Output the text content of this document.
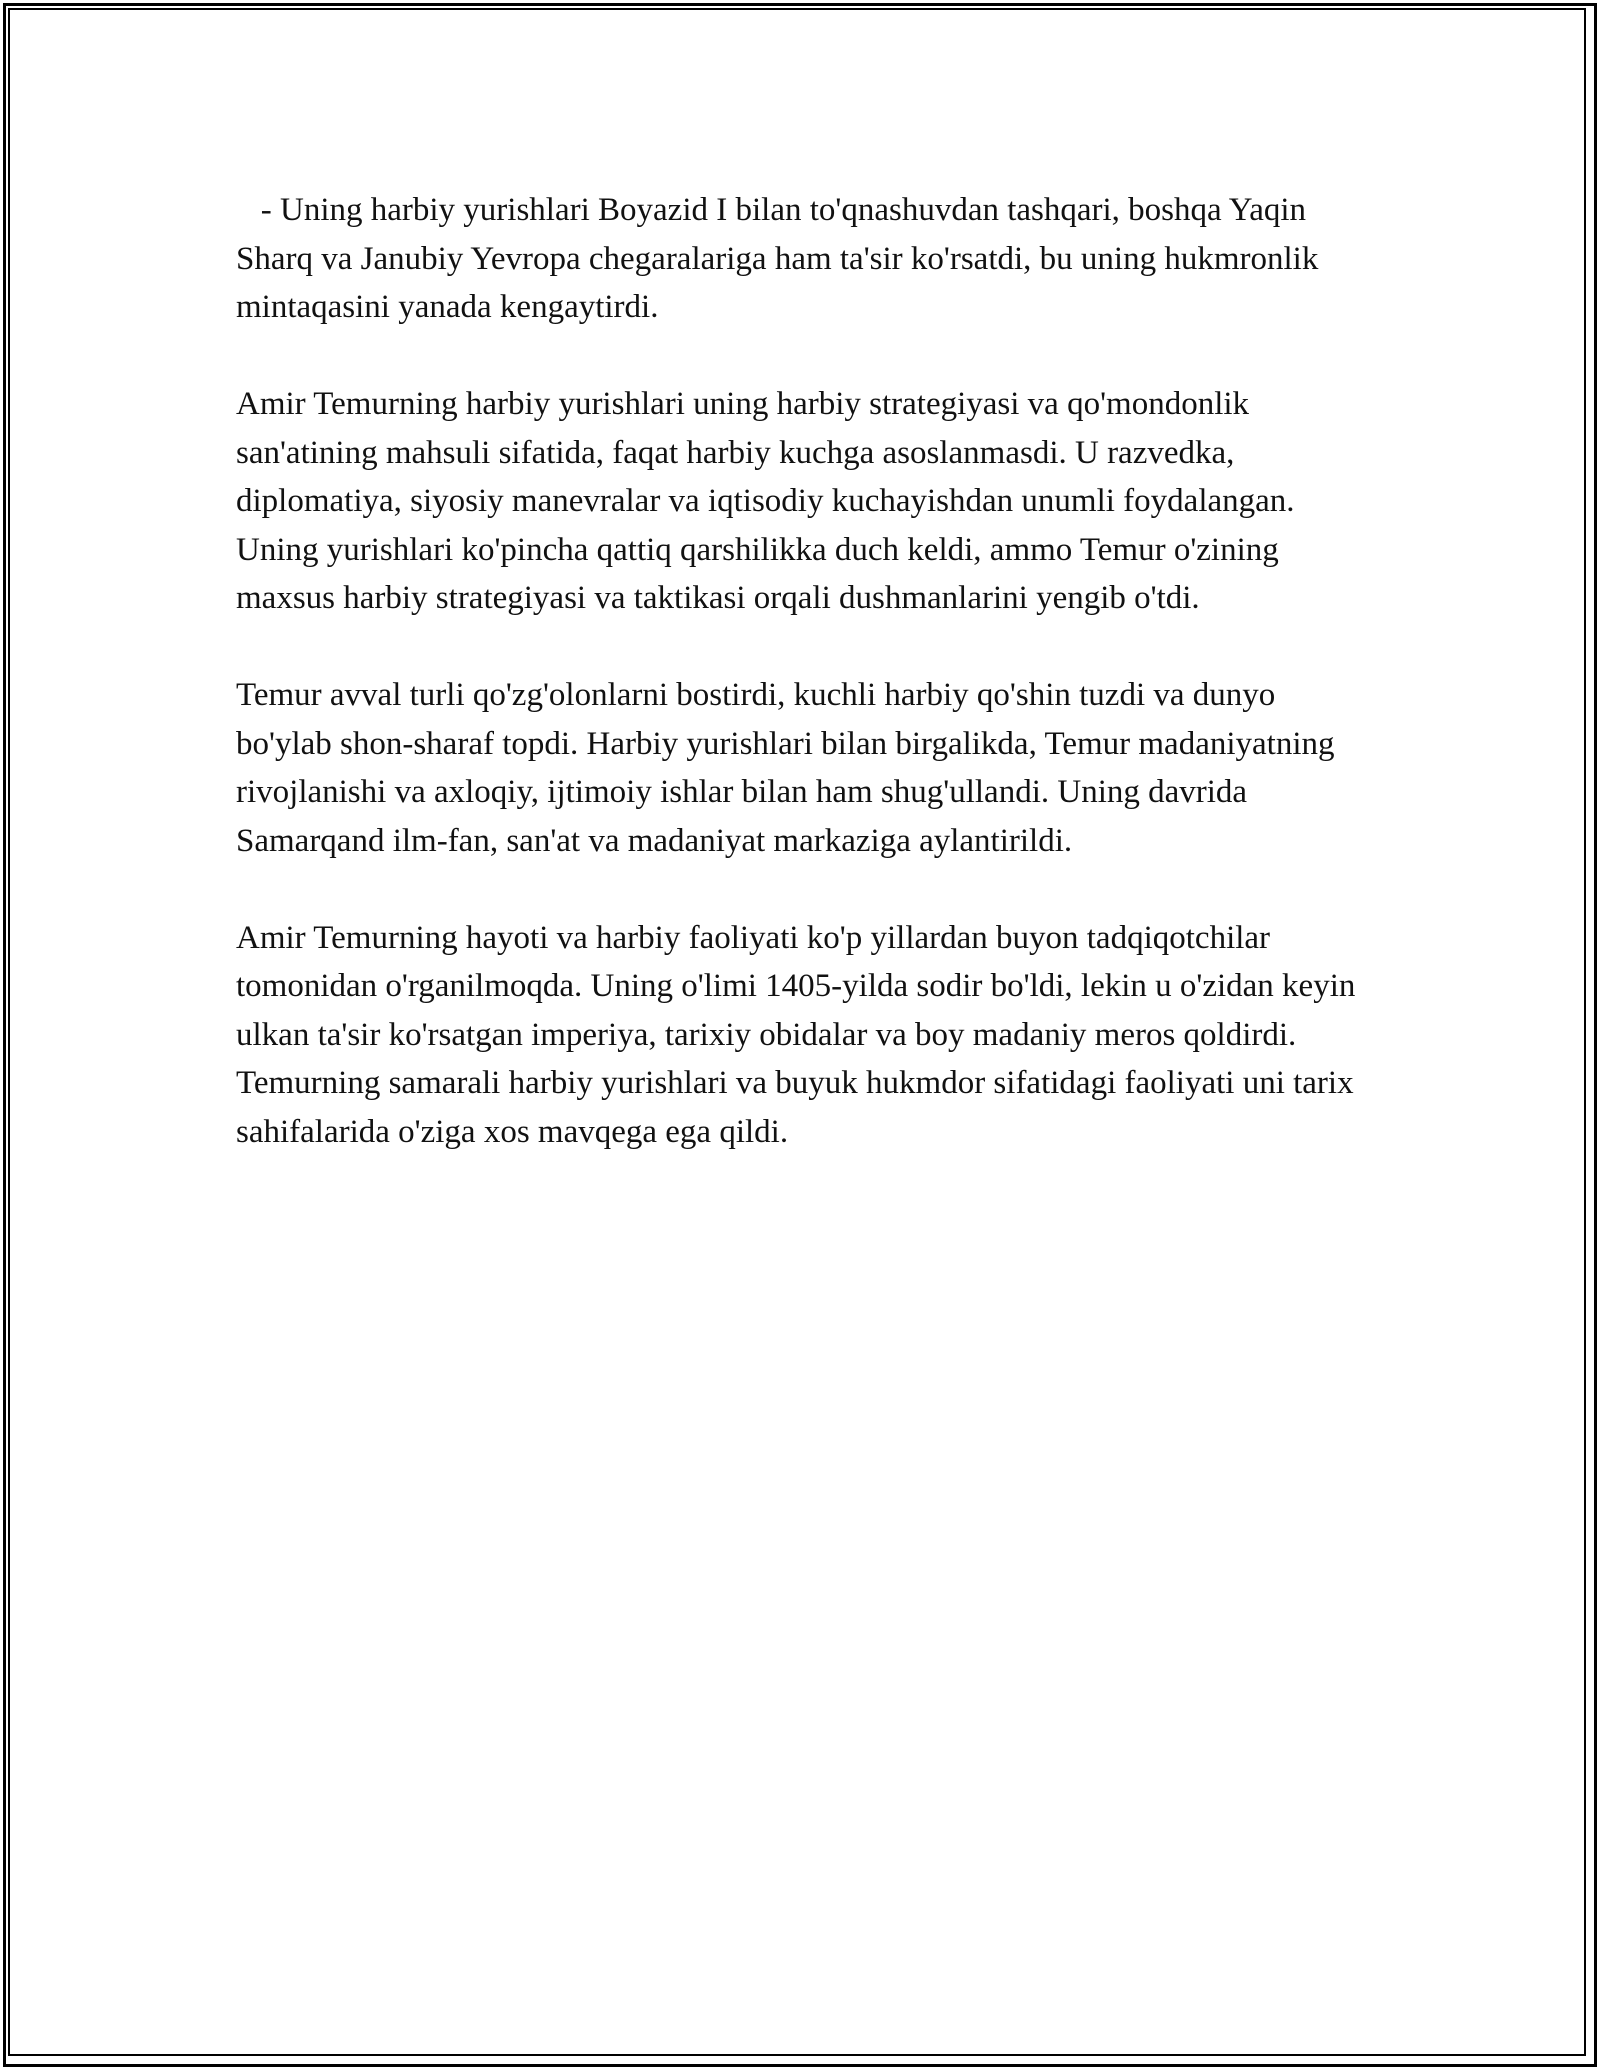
- Uning harbiy yurishlari Boyazid I bilan to'qnashuvdan tashqari, boshqa Yaqin Sharq va Janubiy Yevropa chegaralariga ham ta'sir ko'rsatdi, bu uning hukmronlik mintaqasini yanada kengaytirdi.

Amir Temurning harbiy yurishlari uning harbiy strategiyasi va qo'mondonlik san'atining mahsuli sifatida, faqat harbiy kuchga asoslanmasdi. U razvedka, diplomatiya, siyosiy manevralar va iqtisodiy kuchayishdan unumli foydalangan. Uning yurishlari ko'pincha qattiq qarshilikka duch keldi, ammo Temur o'zining maxsus harbiy strategiyasi va taktikasi orqali dushmanlarini yengib o'tdi.

Temur avval turli qo'zg'olonlarni bostirdi, kuchli harbiy qo'shin tuzdi va dunyo bo'ylab shon-sharaf topdi. Harbiy yurishlari bilan birgalikda, Temur madaniyatning rivojlanishi va axloqiy, ijtimoiy ishlar bilan ham shug'ullandi. Uning davrida Samarqand ilm-fan, san'at va madaniyat markaziga aylantirildi.

Amir Temurning hayoti va harbiy faoliyati ko'p yillardan buyon tadqiqotchilar tomonidan o'rganilmoqda. Uning o'limi 1405-yilda sodir bo'ldi, lekin u o'zidan keyin ulkan ta'sir ko'rsatgan imperiya, tarixiy obidalar va boy madaniy meros qoldirdi. Temurning samarali harbiy yurishlari va buyuk hukmdor sifatidagi faoliyati uni tarix sahifalarida o'ziga xos mavqega ega qildi.
